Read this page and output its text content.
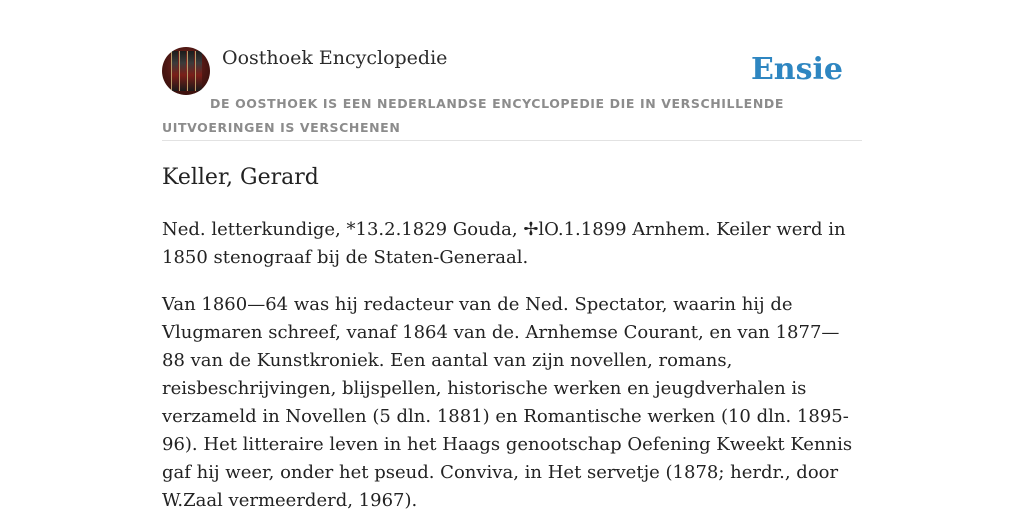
Oosthoek Encyclopedie	Ensie
DE OOSTHOEK IS EEN NEDERLANDSE ENCYCLOPEDIE DIE IN VERSCHILLENDE UITVOERINGEN IS VERSCHENEN
Keller, Gerard

Ned. letterkundige, *13.2.1829 Gouda, ✢lO.1.1899 Arnhem. Keiler werd in 1850 stenograaf bij de Staten-Generaal.

Van 1860—64 was hij redacteur van de Ned. Spectator, waarin hij de Vlugmaren schreef, vanaf 1864 van de. Arnhemse Courant, en van 1877—88 van de Kunstkroniek. Een aantal van zijn novellen, romans, reisbeschrijvingen, blijspellen, historische werken en jeugdverhalen is verzameld in Novellen (5 dln. 1881) en Romantische werken (10 dln. 1895-96). Het litteraire leven in het Haags genootschap Oefening Kweekt Kennis gaf hij weer, onder het pseud. Conviva, in Het servetje (1878; herdr., door W.Zaal vermeerderd, 1967).
